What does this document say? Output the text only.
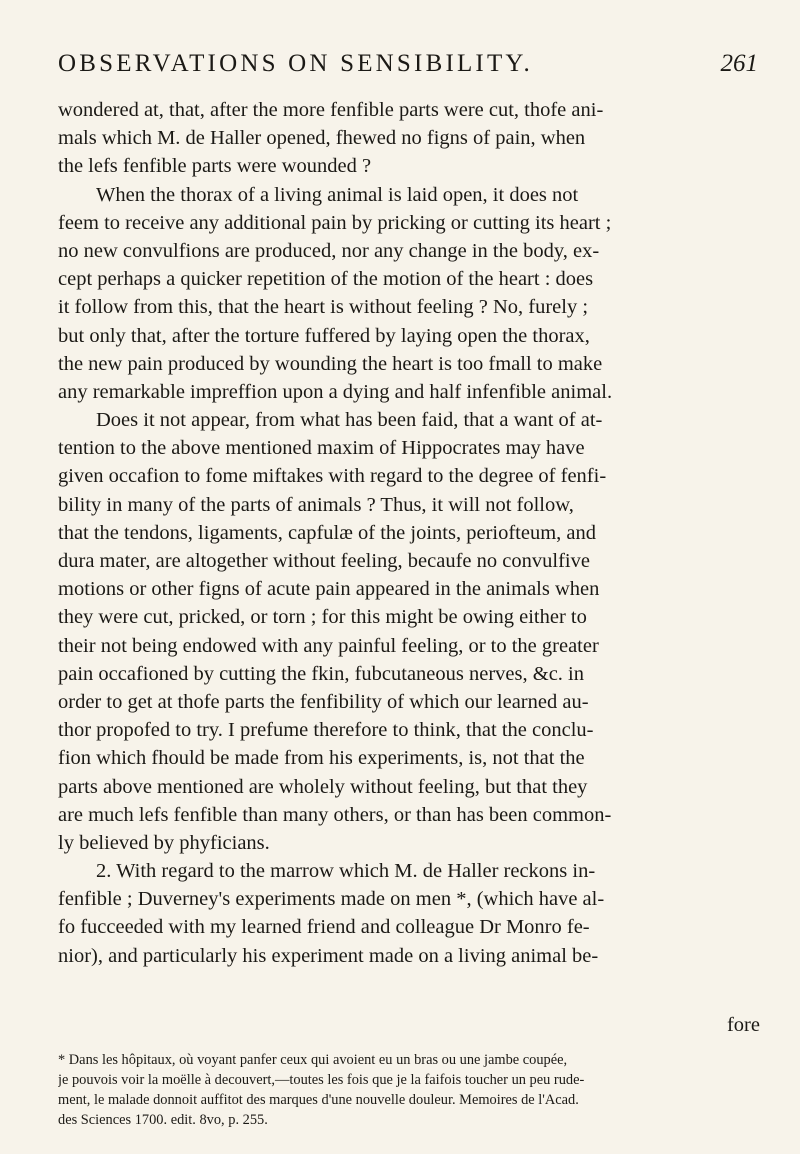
OBSERVATIONS ON SENSIBILITY.	261
wondered at, that, after the more fenfible parts were cut, thofe ani-
mals which M. de Haller opened, fhewed no figns of pain, when
the lefs fenfible parts were wounded ?
When the thorax of a living animal is laid open, it does not
feem to receive any additional pain by pricking or cutting its heart ;
no new convulfions are produced, nor any change in the body, ex-
cept perhaps a quicker repetition of the motion of the heart : does
it follow from this, that the heart is without feeling ? No, furely ;
but only that, after the torture fuffered by laying open the thorax,
the new pain produced by wounding the heart is too fmall to make
any remarkable impreffion upon a dying and half infenfible animal.
Does it not appear, from what has been faid, that a want of at-
tention to the above mentioned maxim of Hippocrates may have
given occafion to fome miftakes with regard to the degree of fenfi-
bility in many of the parts of animals ? Thus, it will not follow,
that the tendons, ligaments, capfulæ of the joints, periofteum, and
dura mater, are altogether without feeling, becaufe no convulfive
motions or other figns of acute pain appeared in the animals when
they were cut, pricked, or torn ; for this might be owing either to
their not being endowed with any painful feeling, or to the greater
pain occafioned by cutting the fkin, fubcutaneous nerves, &c. in
order to get at thofe parts the fenfibility of which our learned au-
thor propofed to try. I prefume therefore to think, that the conclu-
fion which fhould be made from his experiments, is, not that the
parts above mentioned are wholely without feeling, but that they
are much lefs fenfible than many others, or than has been common-
ly believed by phyficians.
2. With regard to the marrow which M. de Haller reckons in-
fenfible ; Duverney's experiments made on men *, (which have al-
fo fucceeded with my learned friend and colleague Dr Monro fe-
nior), and particularly his experiment made on a living animal be-
fore
* Dans les hôpitaux, où voyant panfer ceux qui avoient eu un bras ou une jambe coupée,
je pouvois voir la moëlle à decouvert,—toutes les fois que je la faifois toucher un peu rude-
ment, le malade donnoit auffitot des marques d'une nouvelle douleur. Memoires de l'Acad.
des Sciences 1700. edit. 8vo, p. 255.
